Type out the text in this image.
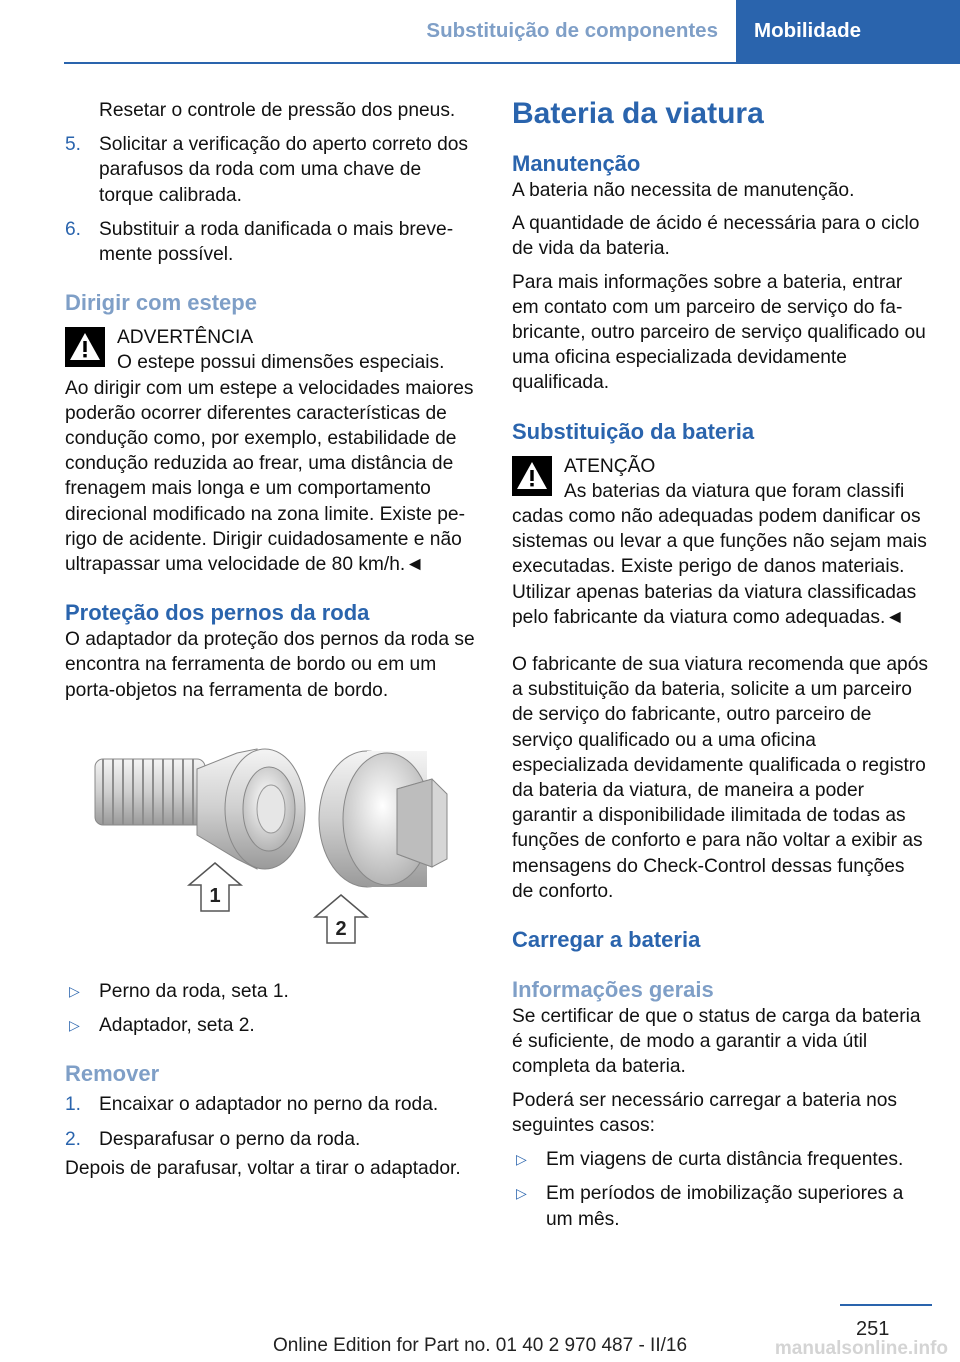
Substituição de componentes	Mobilidade

Resetar o controle de pressão dos pneus.

5. Solicitar a verificação do aperto correto dos parafusos da roda com uma chave de torque calibrada.
6. Substituir a roda danificada o mais brevemente possível.
Dirigir com estepe

ADVERTÊNCIA

O estepe possui dimensões especiais.

Ao dirigir com um estepe a velocidades maiores poderão ocorrer diferentes características de condução como, por exemplo, estabilidade de condução reduzida ao frear, uma distância de frenagem mais longa e um comportamento direcional modificado na zona limite. Existe perigo de acidente. Dirigir cuidadosamente e não ultrapassar uma velocidade de 80 km/h.◄

Proteção dos pernos da roda

O adaptador da proteção dos pernos da roda se encontra na ferramenta de bordo ou em um porta-objetos na ferramenta de bordo.

1
2
▷	Perno da roda, seta 1.
▷	Adaptador, seta 2.
Remover
1. Encaixar o adaptador no perno da roda.
2. Desparafusar o perno da roda.

Depois de parafusar, voltar a tirar o adaptador.

Bateria da viatura
Manutenção

A bateria não necessita de manutenção.

A quantidade de ácido é necessária para o ciclo de vida da bateria.

Para mais informações sobre a bateria, entrar em contato com um parceiro de serviço do fabricante, outro parceiro de serviço qualificado ou uma oficina especializada devidamente qualificada.

Substituição da bateria

ATENÇÃO

As baterias da viatura que foram classifi

cadas como não adequadas podem danificar os sistemas ou levar a que funções não sejam mais executadas. Existe perigo de danos materiais. Utilizar apenas baterias da viatura classificadas pelo fabricante da viatura como adequadas.◄

O fabricante de sua viatura recomenda que após a substituição da bateria, solicite a um parceiro de serviço do fabricante, outro parceiro de serviço qualificado ou a uma oficina especializada devidamente qualificada o registro da bateria da viatura, de maneira a poder garantir a disponibilidade ilimitada de todas as funções de conforto e para não voltar a exibir as mensagens do Check-Control dessas funções de conforto.

Carregar a bateria
Informações gerais

Se certificar de que o status de carga da bateria é suficiente, de modo a garantir a vida útil completa da bateria.

Poderá ser necessário carregar a bateria nos seguintes casos:

▷	Em viagens de curta distância frequentes.
▷	Em períodos de imobilização superiores a um mês.
251
Online Edition for Part no. 01 40 2 970 487 - II/16	manualsonline.info
